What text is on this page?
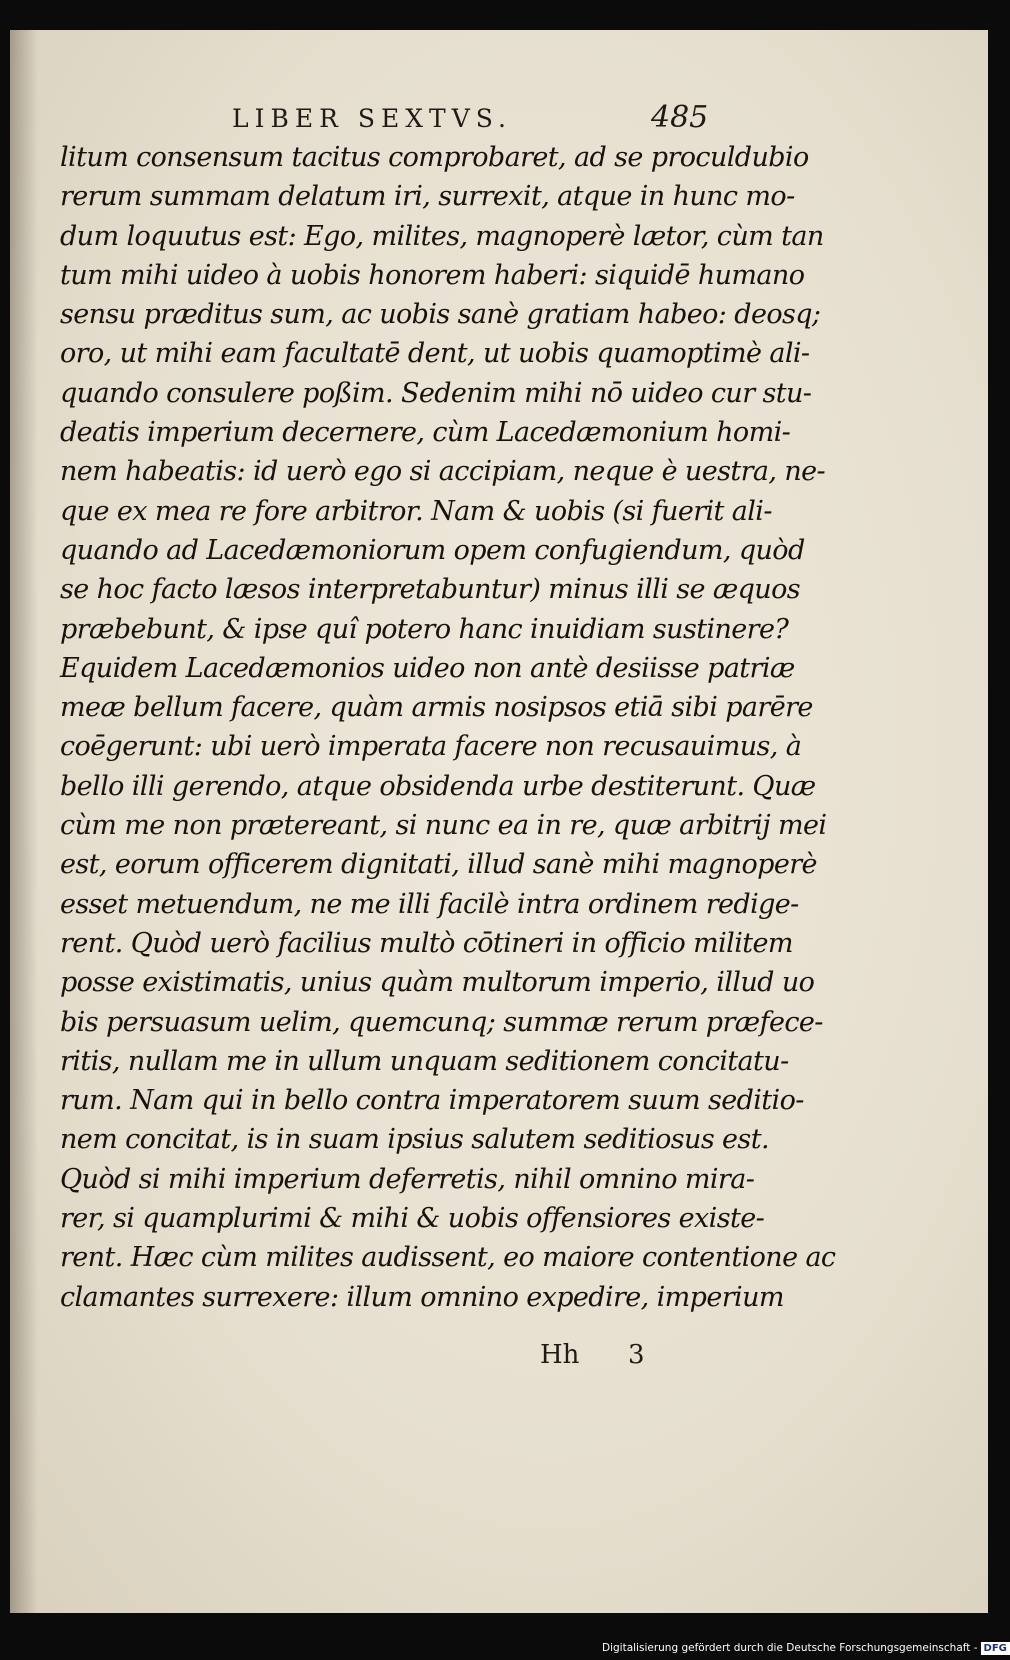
LIBER SEXTVS.	485
litum consensum tacitus comprobaret, ad se proculdubio
rerum summam delatum iri, surrexit, atque in hunc mo-
dum loquutus est: Ego, milites, magnoperè lætor, cùm tan
tum mihi uideo à uobis honorem haberi: siquidē humano
sensu præditus sum, ac uobis sanè gratiam habeo: deosq;
oro, ut mihi eam facultatē dent, ut uobis quamoptimè ali-
quando consulere poßim. Sedenim mihi nō uideo cur stu-
deatis imperium decernere, cùm Lacedæmonium homi-
nem habeatis: id uerò ego si accipiam, neque è uestra, ne-
que ex mea re fore arbitror. Nam & uobis (si fuerit ali-
quando ad Lacedæmoniorum opem confugiendum, quòd
se hoc facto læsos interpretabuntur) minus illi se æquos
præbebunt, & ipse quî potero hanc inuidiam sustinere?
Equidem Lacedæmonios uideo non antè desiisse patriæ
meæ bellum facere, quàm armis nosipsos etiā sibi parēre
coēgerunt: ubi uerò imperata facere non recusauimus, à
bello illi gerendo, atque obsidenda urbe destiterunt. Quæ
cùm me non prætereant, si nunc ea in re, quæ arbitrij mei
est, eorum officerem dignitati, illud sanè mihi magnoperè
esset metuendum, ne me illi facilè intra ordinem redige-
rent. Quòd uerò facilius multò cōtineri in officio militem
posse existimatis, unius quàm multorum imperio, illud uo
bis persuasum uelim, quemcunq; summæ rerum præfece-
ritis, nullam me in ullum unquam seditionem concitatu-
rum. Nam qui in bello contra imperatorem suum seditio-
nem concitat, is in suam ipsius salutem seditiosus est.
Quòd si mihi imperium deferretis, nihil omnino mira-
rer, si quamplurimi & mihi & uobis offensiores existe-
rent. Hæc cùm milites audissent, eo maiore contentione ac
clamantes surrexere: illum omnino expedire, imperium
Hh 3
Digitalisierung gefördert durch die Deutsche Forschungsgemeinschaft - DFG
